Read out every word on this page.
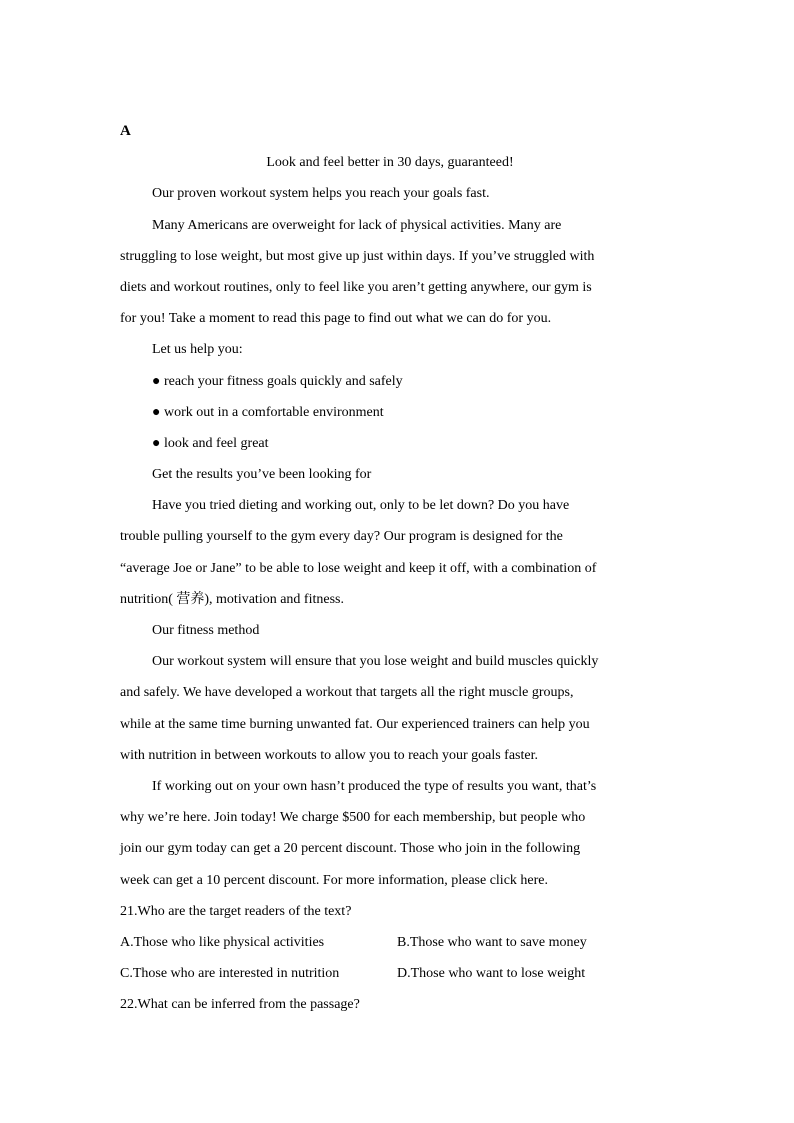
A
Look and feel better in 30 days, guaranteed!
Our proven workout system helps you reach your goals fast.
Many Americans are overweight for lack of physical activities. Many are
struggling to lose weight, but most give up just within days. If you’ve struggled with
diets and workout routines, only to feel like you aren’t getting anywhere, our gym is
for you! Take a moment to read this page to find out what we can do for you.
Let us help you:
● reach your fitness goals quickly and safely
● work out in a comfortable environment
● look and feel great
Get the results you’ve been looking for
Have you tried dieting and working out, only to be let down? Do you have
trouble pulling yourself to the gym every day? Our program is designed for the
“average Joe or Jane” to be able to lose weight and keep it off, with a combination of
nutrition( 营养), motivation and fitness.
Our fitness method
Our workout system will ensure that you lose weight and build muscles quickly
and safely. We have developed a workout that targets all the right muscle groups,
while at the same time burning unwanted fat. Our experienced trainers can help you
with nutrition in between workouts to allow you to reach your goals faster.
If working out on your own hasn’t produced the type of results you want, that’s
why we’re here. Join today! We charge $500 for each membership, but people who
join our gym today can get a 20 percent discount. Those who join in the following
week can get a 10 percent discount. For more information, please click here.
21.Who are the target readers of the text?
A.Those who like physical activities	B.Those who want to save money
C.Those who are interested in nutrition	D.Those who want to lose weight
22.What can be inferred from the passage?
